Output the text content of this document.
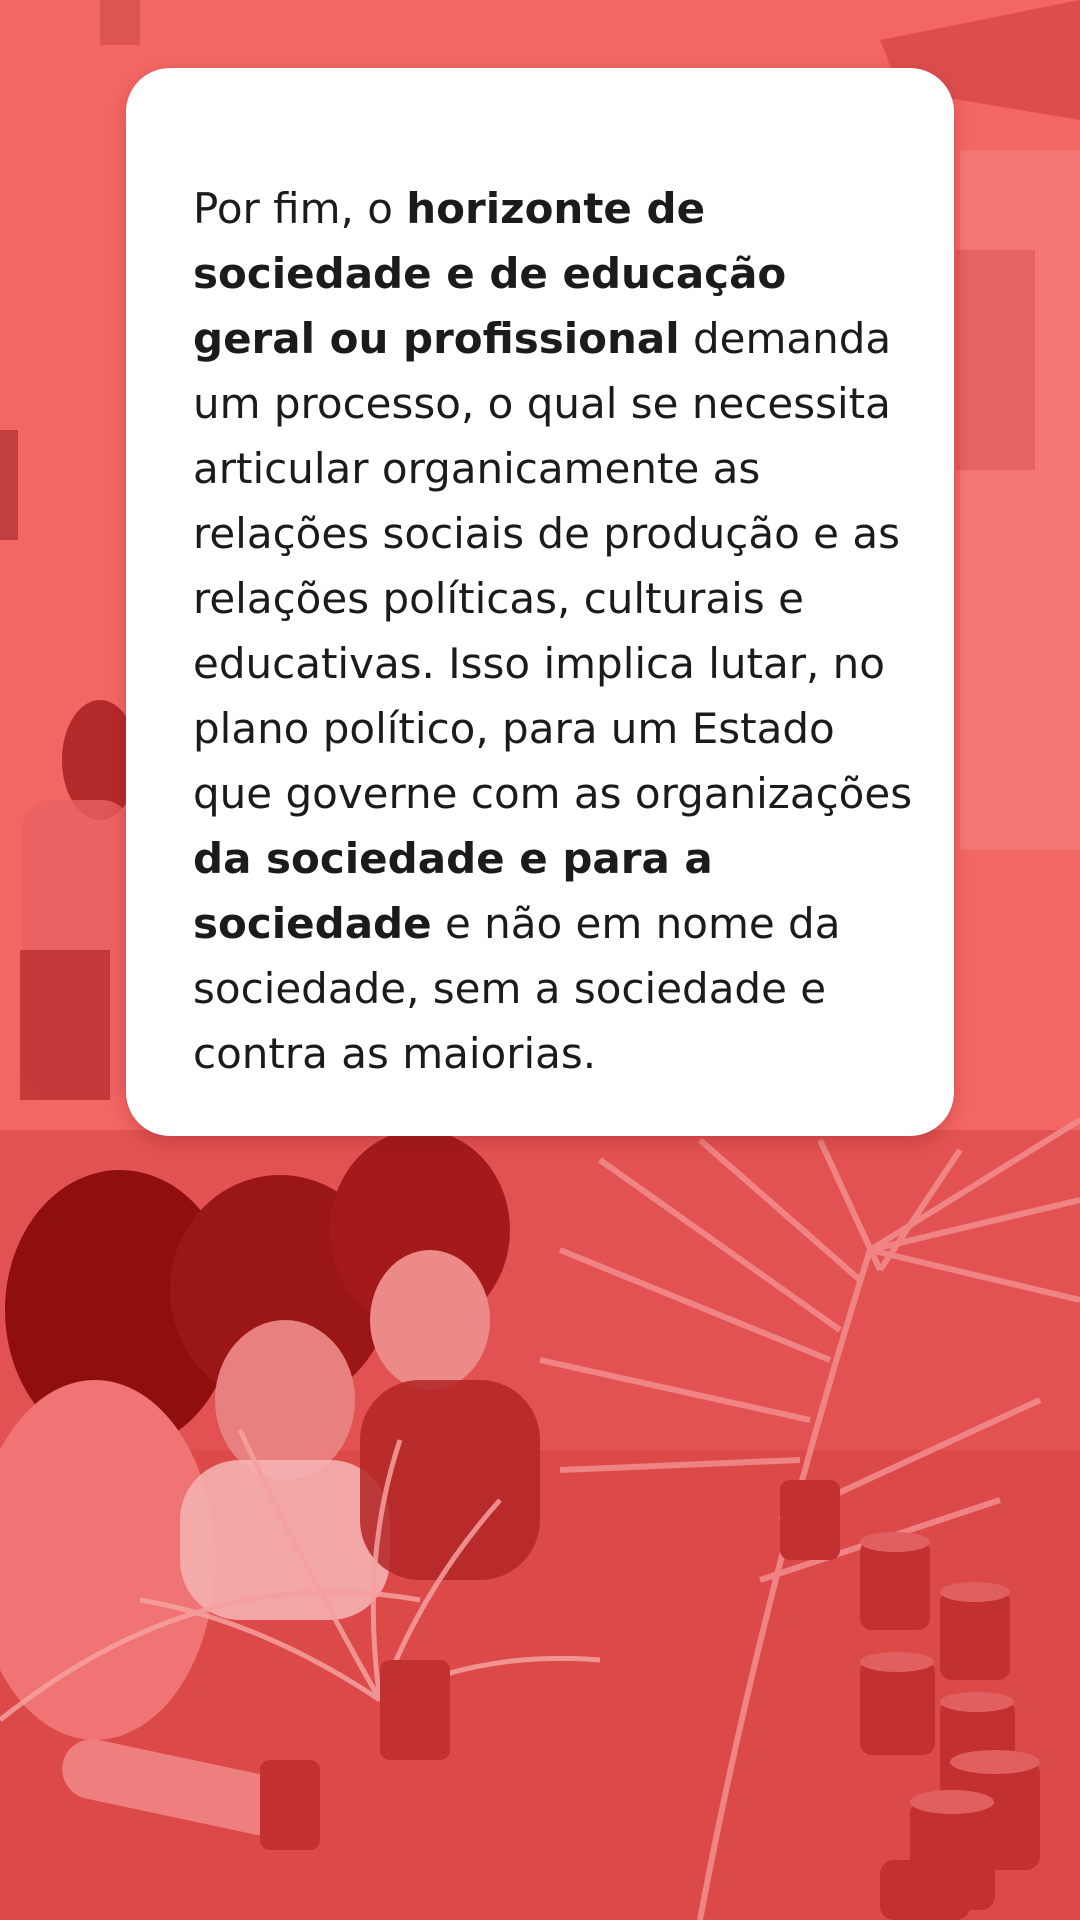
Por fim, o horizonte de sociedade e de educação geral ou profissional demanda um processo, o qual se necessita articular organicamente as relações sociais de produção e as relações políticas, culturais e educativas. Isso implica lutar, no plano político, para um Estado que governe com as organizações da sociedade e para a sociedade e não em nome da sociedade, sem a sociedade e contra as maiorias.
